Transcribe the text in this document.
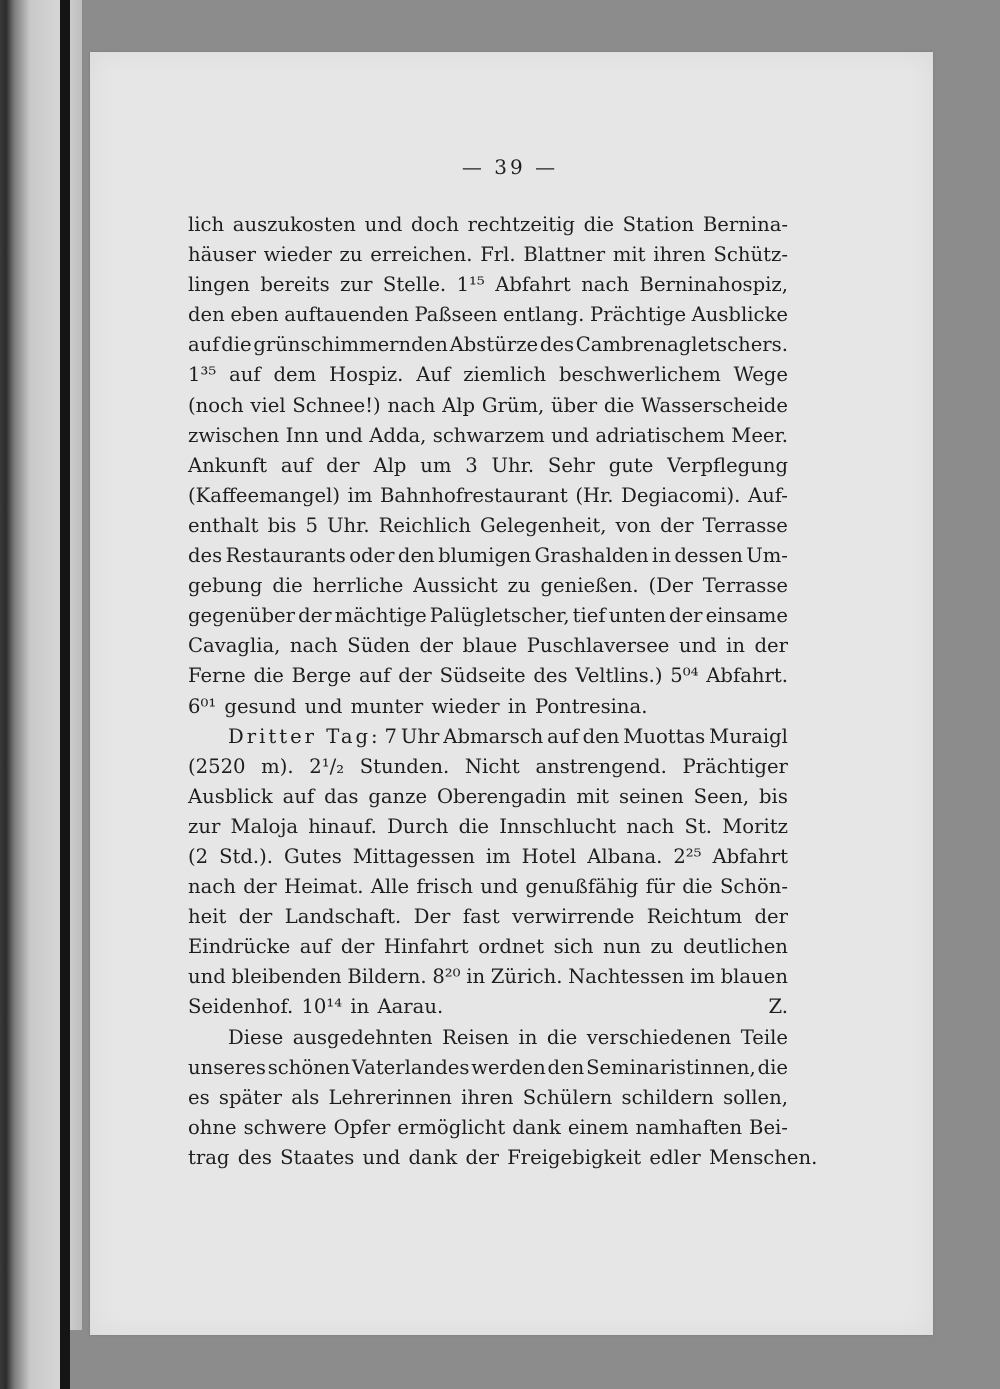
— 39 —
lich auszukosten und doch rechtzeitig die Station Bernina-
häuser wieder zu erreichen. Frl. Blattner mit ihren Schütz-
lingen bereits zur Stelle. 1¹⁵ Abfahrt nach Berninahospiz,
den eben auftauenden Paßseen entlang. Prächtige Ausblicke
auf die grünschimmernden Abstürze des Cambrenagletschers.
1³⁵ auf dem Hospiz. Auf ziemlich beschwerlichem Wege
(noch viel Schnee!) nach Alp Grüm, über die Wasserscheide
zwischen Inn und Adda, schwarzem und adriatischem Meer.
Ankunft auf der Alp um 3 Uhr. Sehr gute Verpflegung
(Kaffeemangel) im Bahnhofrestaurant (Hr. Degiacomi). Auf-
enthalt bis 5 Uhr. Reichlich Gelegenheit, von der Terrasse
des Restaurants oder den blumigen Grashalden in dessen Um-
gebung die herrliche Aussicht zu genießen. (Der Terrasse
gegenüber der mächtige Palügletscher, tief unten der einsame
Cavaglia, nach Süden der blaue Puschlaversee und in der
Ferne die Berge auf der Südseite des Veltlins.) 5⁰⁴ Abfahrt.
6⁰¹ gesund und munter wieder in Pontresina.
Dritter Tag: 7 Uhr Abmarsch auf den Muottas Muraigl
(2520 m). 2¹/₂ Stunden. Nicht anstrengend. Prächtiger
Ausblick auf das ganze Oberengadin mit seinen Seen, bis
zur Maloja hinauf. Durch die Innschlucht nach St. Moritz
(2 Std.). Gutes Mittagessen im Hotel Albana. 2²⁵ Abfahrt
nach der Heimat. Alle frisch und genußfähig für die Schön-
heit der Landschaft. Der fast verwirrende Reichtum der
Eindrücke auf der Hinfahrt ordnet sich nun zu deutlichen
und bleibenden Bildern. 8²⁰ in Zürich. Nachtessen im blauen
Seidenhof. 10¹⁴ in Aarau.	Z.
Diese ausgedehnten Reisen in die verschiedenen Teile
unseres schönen Vaterlandes werden den Seminaristinnen, die
es später als Lehrerinnen ihren Schülern schildern sollen,
ohne schwere Opfer ermöglicht dank einem namhaften Bei-
trag des Staates und dank der Freigebigkeit edler Menschen.
